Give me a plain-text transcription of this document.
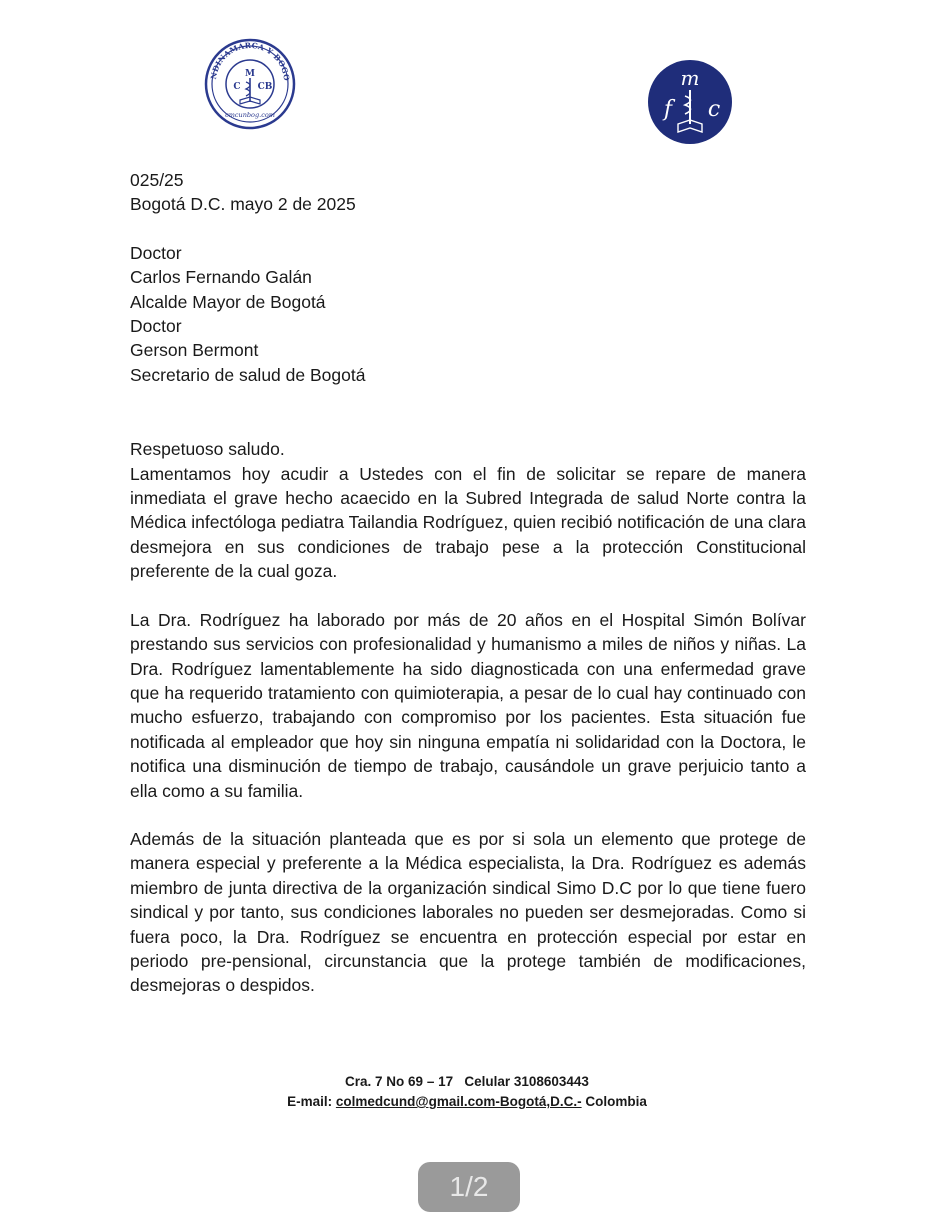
NDINAMARCA Y BOGO
M
C CB
cmcunbog.com
m
f c

025/25

Bogotá D.C. mayo 2 de 2025

Doctor

Carlos Fernando Galán

Alcalde Mayor de Bogotá

Doctor

Gerson Bermont

Secretario de salud de Bogotá

Respetuoso saludo.

Lamentamos hoy acudir a Ustedes con el fin de solicitar se repare de manera inmediata el grave hecho acaecido en la Subred Integrada de salud Norte contra la Médica infectóloga pediatra Tailandia Rodríguez, quien recibió notificación de una clara desmejora en sus condiciones de trabajo pese a la protección Constitucional preferente de la cual goza.

La Dra. Rodríguez ha laborado por más de 20 años en el Hospital Simón Bolívar prestando sus servicios con profesionalidad y humanismo a miles de niños y niñas. La Dra. Rodríguez lamentablemente ha sido diagnosticada con una enfermedad grave que ha requerido tratamiento con quimioterapia, a pesar de lo cual hay continuado con mucho esfuerzo, trabajando con compromiso por los pacientes. Esta situación fue notificada al empleador que hoy sin ninguna empatía ni solidaridad con la Doctora, le notifica una disminución de tiempo de trabajo, causándole un grave perjuicio tanto a ella como a su familia.

Además de la situación planteada que es por si sola un elemento que protege de manera especial y preferente a la Médica especialista, la Dra. Rodríguez es además miembro de junta directiva de la organización sindical Simo D.C por lo que tiene fuero sindical y por tanto, sus condiciones laborales no pueden ser desmejoradas. Como si fuera poco, la Dra. Rodríguez se encuentra en protección especial por estar en periodo pre-pensional, circunstancia que la protege también de modificaciones, desmejoras o despidos.

Cra. 7 No 69 – 17   Celular 3108603443
E-mail: colmedcund@gmail.com-Bogotá,D.C.- Colombia
1/2
